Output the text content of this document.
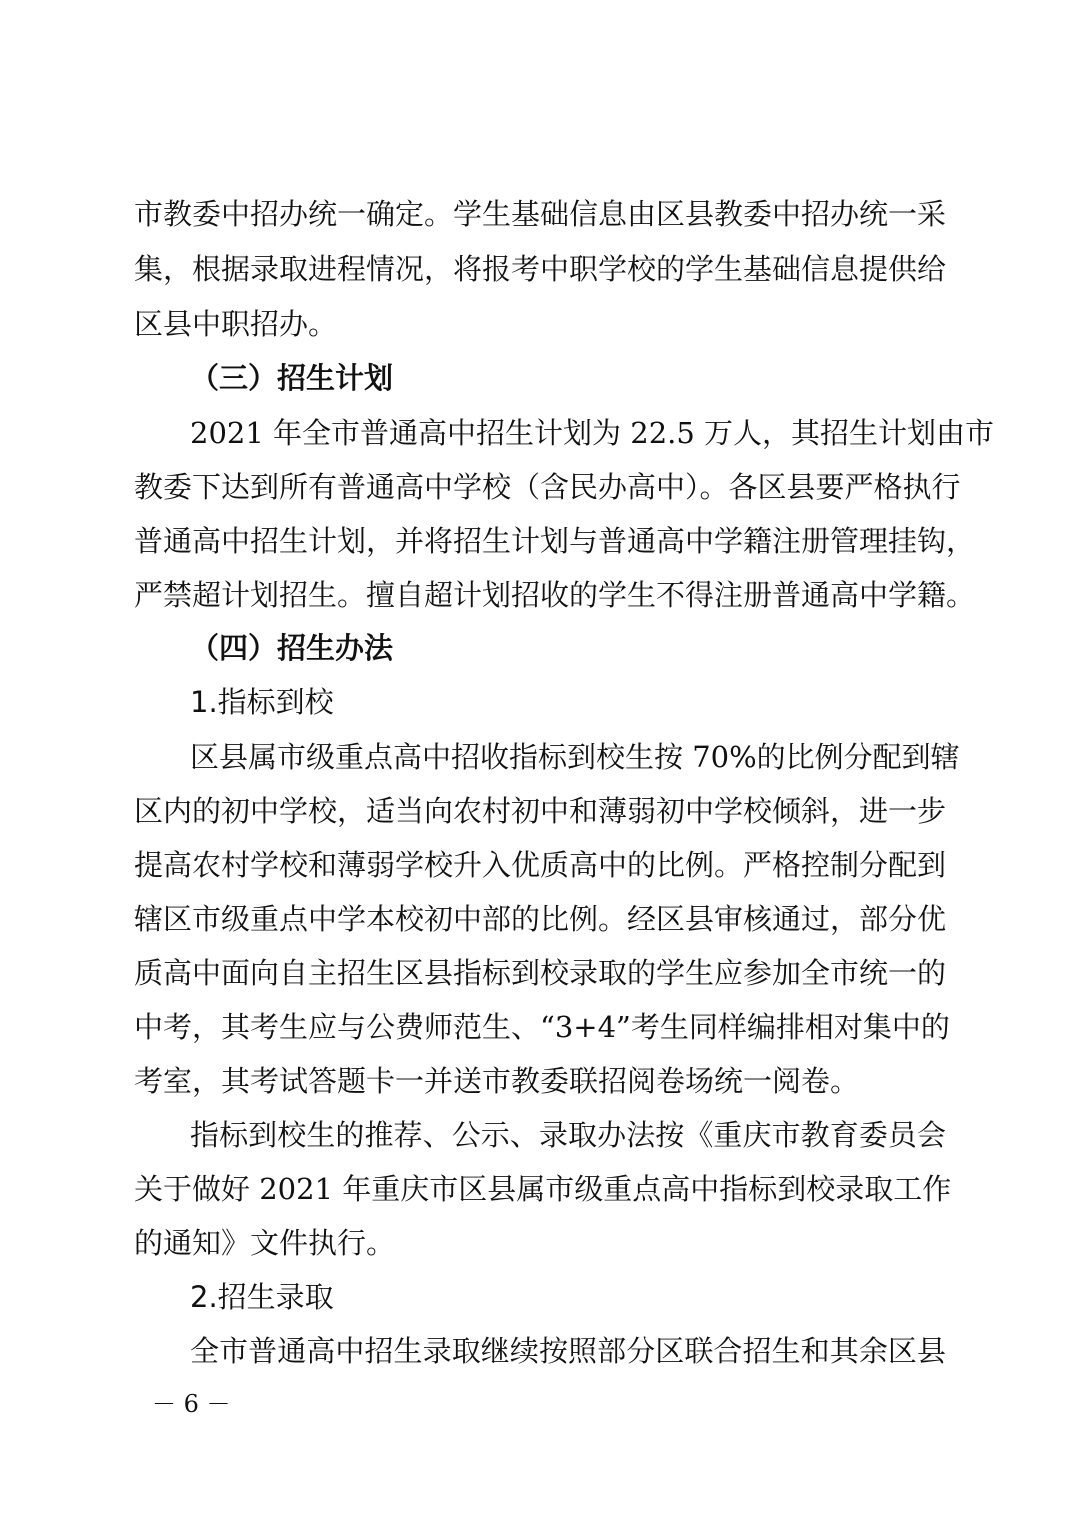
市教委中招办统一确定。学生基础信息由区县教委中招办统一采
集，根据录取进程情况，将报考中职学校的学生基础信息提供给
区县中职招办。
（三）招生计划
2021 年全市普通高中招生计划为 22.5 万人，其招生计划由市
教委下达到所有普通高中学校（含民办高中）。各区县要严格执行
普通高中招生计划，并将招生计划与普通高中学籍注册管理挂钩，
严禁超计划招生。擅自超计划招收的学生不得注册普通高中学籍。
（四）招生办法
1.指标到校
区县属市级重点高中招收指标到校生按 70%的比例分配到辖
区内的初中学校，适当向农村初中和薄弱初中学校倾斜，进一步
提高农村学校和薄弱学校升入优质高中的比例。严格控制分配到
辖区市级重点中学本校初中部的比例。经区县审核通过，部分优
质高中面向自主招生区县指标到校录取的学生应参加全市统一的
中考，其考生应与公费师范生、“3+4”考生同样编排相对集中的
考室，其考试答题卡一并送市教委联招阅卷场统一阅卷。
指标到校生的推荐、公示、录取办法按《重庆市教育委员会
关于做好 2021 年重庆市区县属市级重点高中指标到校录取工作
的通知》文件执行。
2.招生录取
全市普通高中招生录取继续按照部分区联合招生和其余区县
－ 6 －
